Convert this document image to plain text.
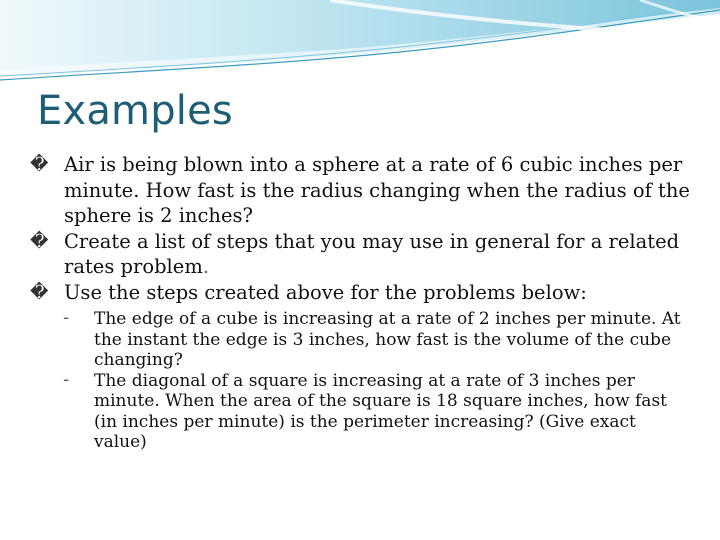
Examples
� Air is being blown into a sphere at a rate of 6 cubic inches per minute. How fast is the radius changing when the radius of the sphere is 2 inches?
� Create a list of steps that you may use in general for a related rates problem.
� Use the steps created above for the problems below:
- The edge of a cube is increasing at a rate of 2 inches per minute. At the instant the edge is 3 inches, how fast is the volume of the cube changing?
- The diagonal of a square is increasing at a rate of 3 inches per minute. When the area of the square is 18 square inches, how fast (in inches per minute) is the perimeter increasing? (Give exact value)
